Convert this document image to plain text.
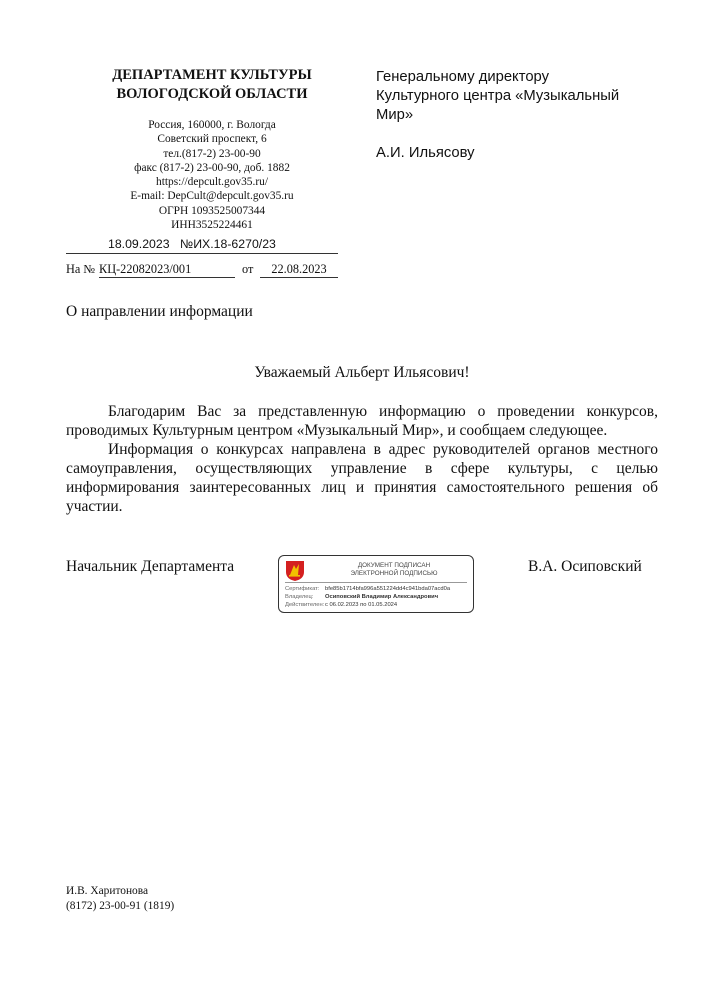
ДЕПАРТАМЕНТ КУЛЬТУРЫ
ВОЛОГОДСКОЙ ОБЛАСТИ
Россия, 160000, г. Вологда
Советский проспект, 6
тел.(817-2) 23-00-90
факс (817-2) 23-00-90, доб. 1882
https://depcult.gov35.ru/
E-mail: DepCult@depcult.gov35.ru
ОГРН 1093525007344
ИНН3525224461
18.09.2023 №ИХ.18-6270/23
На № КЦ-22082023/001	от	22.08.2023
Генеральному директору
Культурного центра «Музыкальный
Мир»
А.И. Ильясову
О направлении информации
Уважаемый Альберт Ильясович!

Благодарим Вас за представленную информацию о проведении конкурсов, проводимых Культурным центром «Музыкальный Мир», и сообщаем следующее.

Информация о конкурсах направлена в адрес руководителей органов местного самоуправления, осуществляющих управление в сфере культуры, с целью информирования заинтересованных лиц и принятия самостоятельного решения об участии.

Начальник Департамента	ДОКУМЕНТ ПОДПИСАН
ЭЛЕКТРОННОЙ ПОДПИСЬЮ
Сертификат: bfe85b1714bfa996a551224dd4c941bda07acd0a
Владелец: Осиповский Владимир Александрович
Действителен:с 06.02.2023 по 01.05.2024
В.А. Осиповский
И.В. Харитонова
(8172) 23-00-91 (1819)
